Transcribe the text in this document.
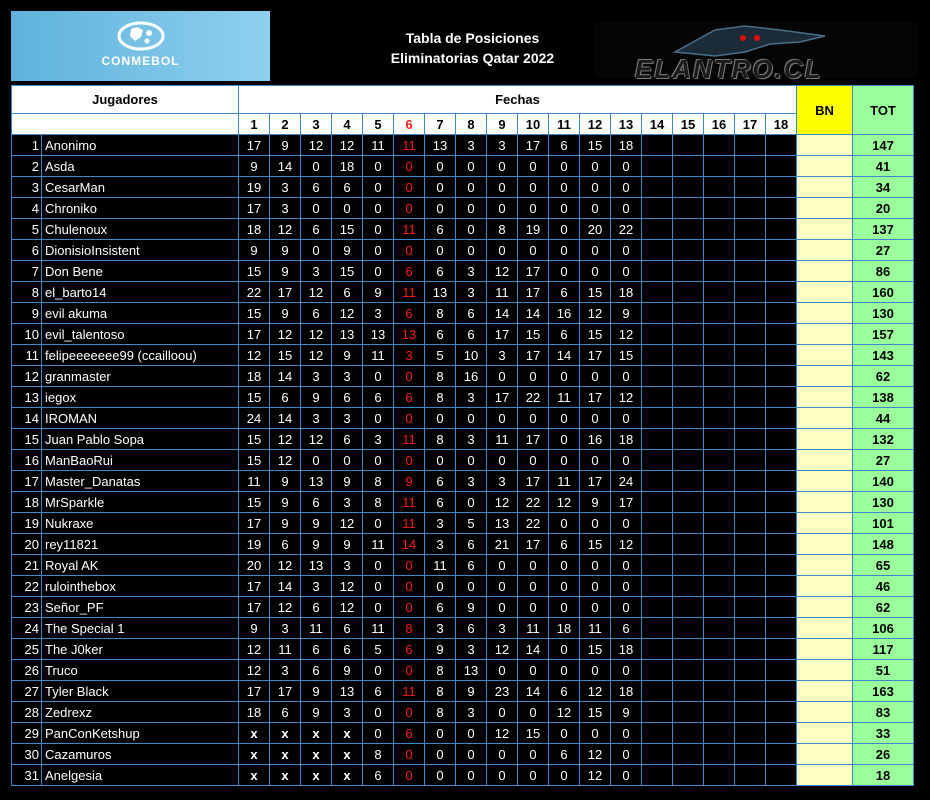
CONMEBOL
Tabla de Posiciones
Eliminatorias Qatar 2022	ELANTRO.CL
Jugadores		Fechas																		BN	TOT
		1	2	3	4	5	6	7	8	9	10	11	12	13	14	15	16	17	18		
1	Anonimo	17	9	12	12	11	11	13	3	3	17	6	15	18							147
2	Asda	9	14	0	18	0	0	0	0	0	0	0	0	0							41
3	CesarMan	19	3	6	6	0	0	0	0	0	0	0	0	0							34
4	Chroniko	17	3	0	0	0	0	0	0	0	0	0	0	0							20
5	Chulenoux	18	12	6	15	0	11	6	0	8	19	0	20	22							137
6	DionisioInsistent	9	9	0	9	0	0	0	0	0	0	0	0	0							27
7	Don Bene	15	9	3	15	0	6	6	3	12	17	0	0	0							86
8	el_barto14	22	17	12	6	9	11	13	3	11	17	6	15	18							160
9	evil akuma	15	9	6	12	3	6	8	6	14	14	16	12	9							130
10	evil_talentoso	17	12	12	13	13	13	6	6	17	15	6	15	12							157
11	felipeeeeeee99 (ccailloou)	12	15	12	9	11	3	5	10	3	17	14	17	15							143
12	granmaster	18	14	3	3	0	0	8	16	0	0	0	0	0							62
13	iegox	15	6	9	6	6	6	8	3	17	22	11	17	12							138
14	IROMAN	24	14	3	3	0	0	0	0	0	0	0	0	0							44
15	Juan Pablo Sopa	15	12	12	6	3	11	8	3	11	17	0	16	18							132
16	ManBaoRui	15	12	0	0	0	0	0	0	0	0	0	0	0							27
17	Master_Danatas	11	9	13	9	8	9	6	3	3	17	11	17	24							140
18	MrSparkle	15	9	6	3	8	11	6	0	12	22	12	9	17							130
19	Nukraxe	17	9	9	12	0	11	3	5	13	22	0	0	0							101
20	rey11821	19	6	9	9	11	14	3	6	21	17	6	15	12							148
21	Royal AK	20	12	13	3	0	0	11	6	0	0	0	0	0							65
22	rulointhebox	17	14	3	12	0	0	0	0	0	0	0	0	0							46
23	Señor_PF	17	12	6	12	0	0	6	9	0	0	0	0	0							62
24	The Special 1	9	3	11	6	11	8	3	6	3	11	18	11	6							106
25	The J0ker	12	11	6	6	5	6	9	3	12	14	0	15	18							117
26	Truco	12	3	6	9	0	0	8	13	0	0	0	0	0							51
27	Tyler Black	17	17	9	13	6	11	8	9	23	14	6	12	18							163
28	Zedrexz	18	6	9	3	0	0	8	3	0	0	12	15	9							83
29	PanConKetshup	x	x	x	x	0	6	0	0	12	15	0	0	0							33
30	Cazamuros	x	x	x	x	8	0	0	0	0	0	6	12	0							26
31	Anelgesia	x	x	x	x	6	0	0	0	0	0	0	12	0							18
